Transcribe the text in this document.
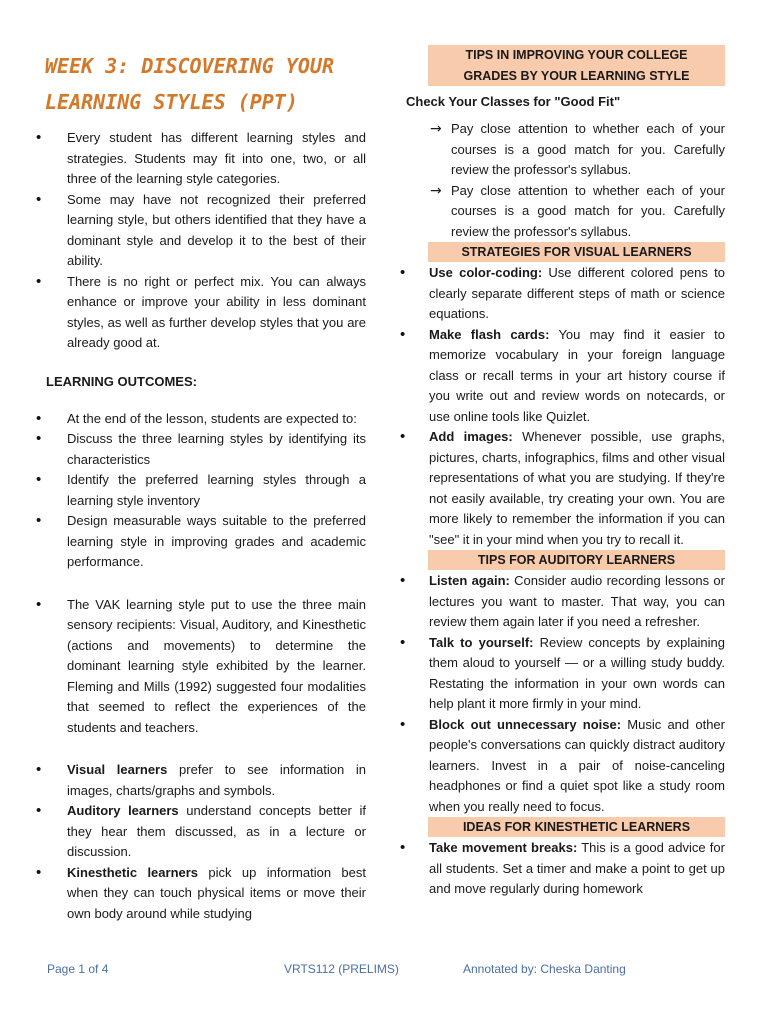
WEEK 3: DISCOVERING YOUR LEARNING STYLES (PPT)
• Every student has different learning styles and strategies. Students may fit into one, two, or all three of the learning style categories.
• Some may have not recognized their preferred learning style, but others identified that they have a dominant style and develop it to the best of their ability.
• There is no right or perfect mix. You can always enhance or improve your ability in less dominant styles, as well as further develop styles that you are already good at.

LEARNING OUTCOMES:

• At the end of the lesson, students are expected to:
• Discuss the three learning styles by identifying its characteristics
• Identify the preferred learning styles through a learning style inventory
• Design measurable ways suitable to the preferred learning style in improving grades and academic performance.
• The VAK learning style put to use the three main sensory recipients: Visual, Auditory, and Kinesthetic (actions and movements) to determine the dominant learning style exhibited by the learner. Fleming and Mills (1992) suggested four modalities that seemed to reflect the experiences of the students and teachers.
• Visual learners prefer to see information in images, charts/graphs and symbols.
• Auditory learners understand concepts better if they hear them discussed, as in a lecture or discussion.
• Kinesthetic learners pick up information best when they can touch physical items or move their own body around while studying
TIPS IN IMPROVING YOUR COLLEGE GRADES BY YOUR LEARNING STYLE

Check Your Classes for "Good Fit"

→ Pay close attention to whether each of your courses is a good match for you. Carefully review the professor's syllabus.
→ Pay close attention to whether each of your courses is a good match for you. Carefully review the professor's syllabus.
STRATEGIES FOR VISUAL LEARNERS
• Use color-coding: Use different colored pens to clearly separate different steps of math or science equations.
• Make flash cards: You may find it easier to memorize vocabulary in your foreign language class or recall terms in your art history course if you write out and review words on notecards, or use online tools like Quizlet.
• Add images: Whenever possible, use graphs, pictures, charts, infographics, films and other visual representations of what you are studying. If they're not easily available, try creating your own. You are more likely to remember the information if you can "see" it in your mind when you try to recall it.
TIPS FOR AUDITORY LEARNERS
• Listen again: Consider audio recording lessons or lectures you want to master. That way, you can review them again later if you need a refresher.
• Talk to yourself: Review concepts by explaining them aloud to yourself — or a willing study buddy. Restating the information in your own words can help plant it more firmly in your mind.
• Block out unnecessary noise: Music and other people's conversations can quickly distract auditory learners. Invest in a pair of noise-canceling headphones or find a quiet spot like a study room when you really need to focus.
IDEAS FOR KINESTHETIC LEARNERS
• Take movement breaks: This is a good advice for all students. Set a timer and make a point to get up and move regularly during homework
Page 1 of 4	VRTS112 (PRELIMS)	Annotated by: Cheska Danting
